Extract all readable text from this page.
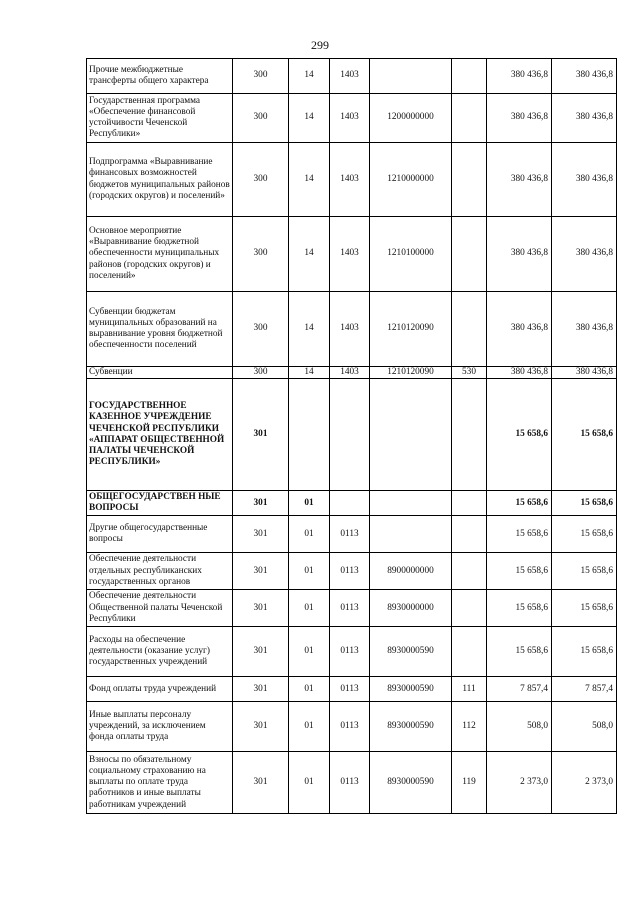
299
Прочие межбюджетные трансферты общего характера	300	14	1403			380 436,8	380 436,8
Государственная программа «Обеспечение финансовой устойчивости Чеченской Республики»	300	14	1403	1200000000		380 436,8	380 436,8
Подпрограмма «Выравнивание финансовых возможностей бюджетов муниципальных районов (городских округов) и поселений»	300	14	1403	1210000000		380 436,8	380 436,8
Основное мероприятие «Выравнивание бюджетной обеспеченности муниципальных районов (городских округов) и поселений»	300	14	1403	1210100000		380 436,8	380 436,8
Субвенции бюджетам муниципальных образований на выравнивание уровня бюджетной обеспеченности поселений	300	14	1403	1210120090		380 436,8	380 436,8
Субвенции	300	14	1403	1210120090	530	380 436,8	380 436,8
ГОСУДАРСТВЕННОЕ КАЗЕННОЕ УЧРЕЖДЕНИЕ ЧЕЧЕНСКОЙ РЕСПУБЛИКИ «АППАРАТ ОБЩЕСТВЕННОЙ ПАЛАТЫ ЧЕЧЕНСКОЙ РЕСПУБЛИКИ»	301					15 658,6	15 658,6
ОБЩЕГОСУДАРСТВЕН НЫЕ ВОПРОСЫ	301	01				15 658,6	15 658,6
Другие общегосударственные вопросы	301	01	0113			15 658,6	15 658,6
Обеспечение деятельности отдельных республиканских государственных органов	301	01	0113	8900000000		15 658,6	15 658,6
Обеспечение деятельности Общественной палаты Чеченской Республики	301	01	0113	8930000000		15 658,6	15 658,6
Расходы на обеспечение деятельности (оказание услуг) государственных учреждений	301	01	0113	8930000590		15 658,6	15 658,6
Фонд оплаты труда учреждений	301	01	0113	8930000590	111	7 857,4	7 857,4
Иные выплаты персоналу учреждений, за исключением фонда оплаты труда	301	01	0113	8930000590	112	508,0	508,0
Взносы по обязательному социальному страхованию на выплаты по оплате труда работников и иные выплаты работникам учреждений	301	01	0113	8930000590	119	2 373,0	2 373,0
